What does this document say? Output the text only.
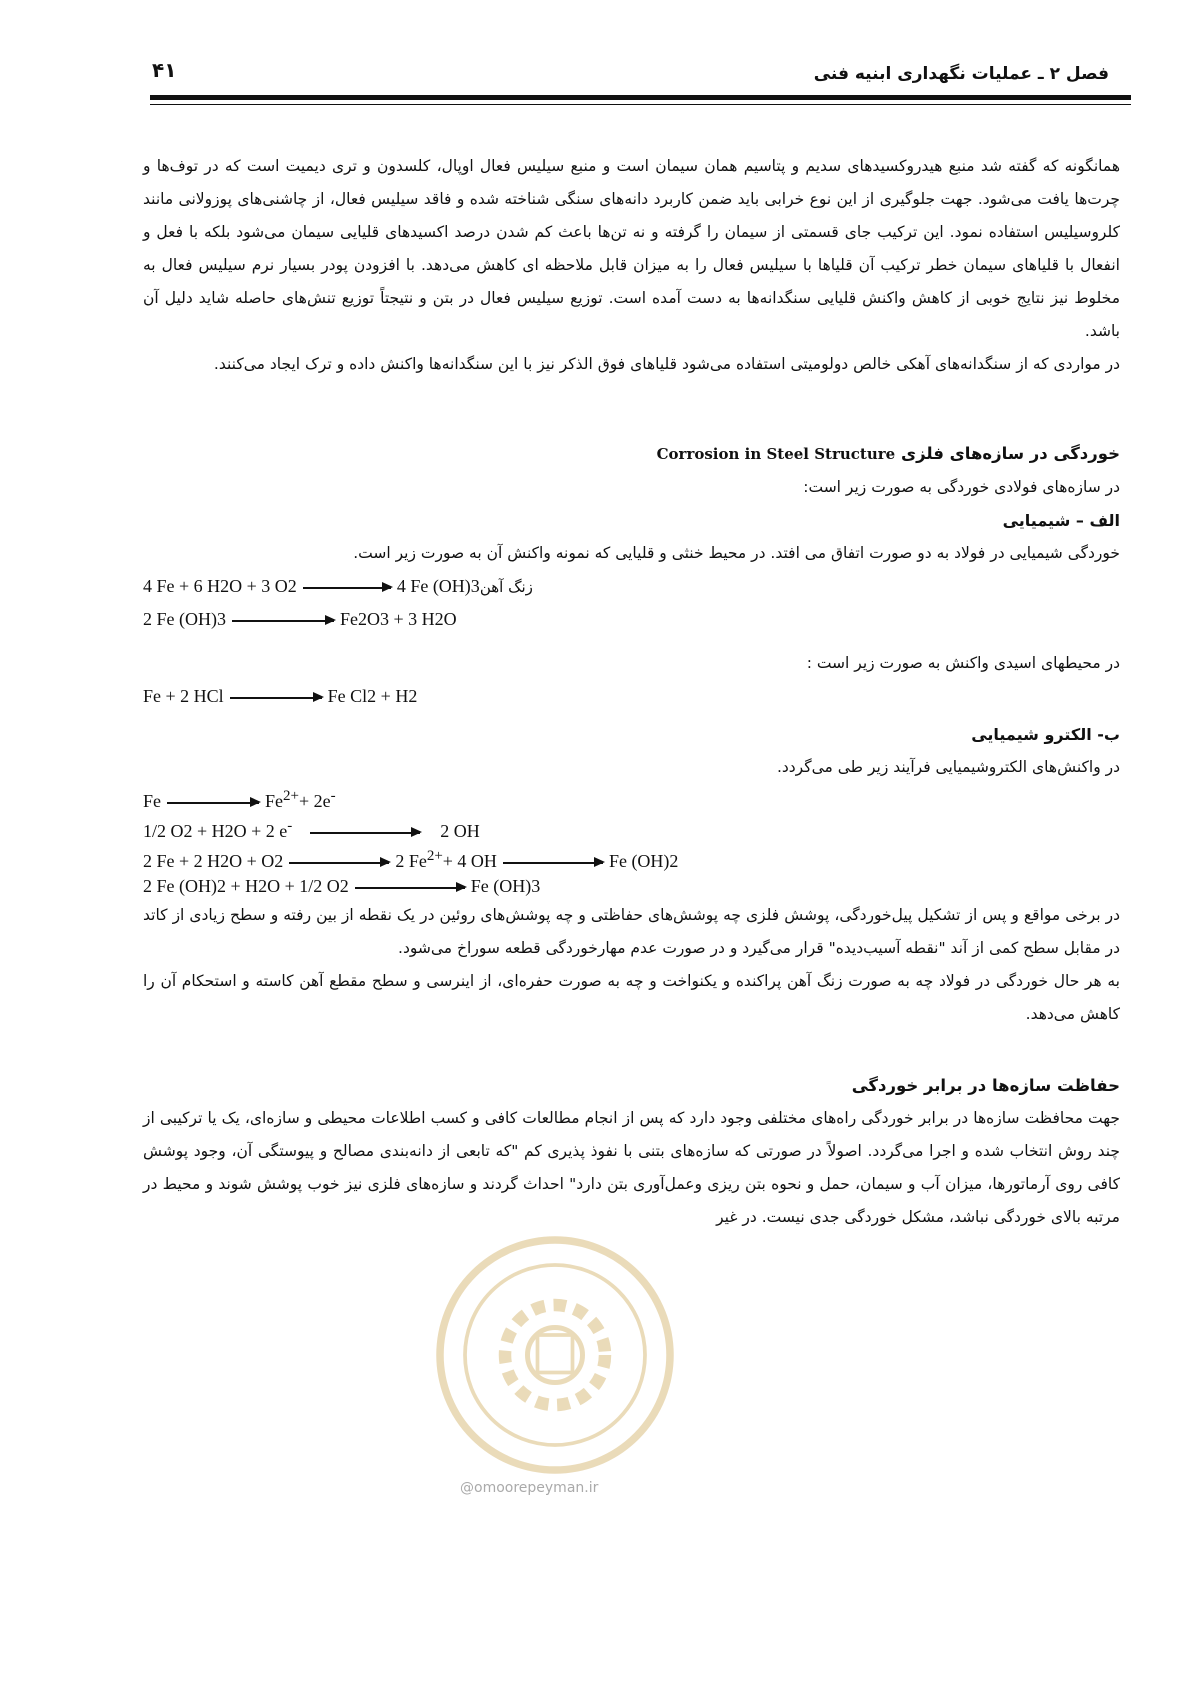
فصل ۲ ـ عملیات نگهداری ابنیه فنی
۴۱

همانگونه که گفته شد منبع هیدروکسیدهای سدیم و پتاسیم همان سیمان است و منبع سیلیس فعال اوپال، کلسدون و تری دیمیت است که در توف‌ها و چرت‌ها یافت می‌شود. جهت جلوگیری از این نوع خرابی باید ضمن کاربرد دانه‌های سنگی شناخته شده و فاقد سیلیس فعال، از چاشنی‌های پوزولانی مانند کلروسیلیس استفاده نمود. این ترکیب جای قسمتی از سیمان را گرفته و نه تن‌ها باعث کم شدن درصد اکسیدهای قلیایی سیمان می‌شود بلکه با فعل و انفعال با قلیاهای سیمان خطر ترکیب آن قلیاها با سیلیس فعال را به میزان قابل ملاحظه ای کاهش می‌دهد. با افزودن پودر بسیار نرم سیلیس فعال به مخلوط نیز نتایج خوبی از کاهش واکنش قلیایی سنگدانه‌ها به دست آمده است. توزیع سیلیس فعال در بتن و نتیجتاً توزیع تنش‌های حاصله شاید دلیل آن باشد.

در مواردی که از سنگدانه‌های آهکی خالص دولومیتی استفاده می‌شود قلیاهای فوق الذکر نیز با این سنگدانه‌ها واکنش داده و ترک ایجاد می‌کنند.

خوردگی در سازه‌های فلزی Corrosion in Steel Structure

در سازه‌های فولادی خوردگی به صورت زیر است:

الف – شیمیایی

خوردگی شیمیایی در فولاد به دو صورت اتفاق می افتد. در محیط خنثی و قلیایی که نمونه واکنش آن به صورت زیر است.

4 Fe + 6 H2O + 3 O2	4 Fe (OH)3زنگ آهن
2 Fe (OH)3	Fe2O3 + 3 H2O

در محیطهای اسیدی واکنش به صورت زیر است :

Fe + 2 HCl	Fe Cl2 + H2
ب- الکترو شیمیایی

در واکنش‌های الکتروشیمیایی فرآیند زیر طی می‌گردد.

Fe	$Fe^{2+}+ 2e^-$
1/2 O2 + H2O + 2 e-	2 OH
2 Fe + 2 H2O + O2	2 $Fe^{2+}+ 4$ OH	Fe (OH)2
2 Fe (OH)2 + H2O + 1/2 O2	Fe (OH)3

در برخی مواقع و پس از تشکیل پیل‌خوردگی، پوشش فلزی چه پوشش‌های حفاظتی و چه پوشش‌های روئین در یک نقطه از بین رفته و سطح زیادی از کاتد در مقابل سطح کمی از آند "نقطه آسیب‌دیده" قرار می‌گیرد و در صورت عدم مهارخوردگی قطعه سوراخ می‌شود.

به هر حال خوردگی در فولاد چه به صورت زنگ آهن پراکنده و یکنواخت و چه به صورت حفره‌ای، از اینرسی و سطح مقطع آهن کاسته و استحکام آن را کاهش می‌دهد.

حفاظت سازه‌ها در برابر خوردگی

جهت محافظت سازه‌ها در برابر خوردگی راه‌های مختلفی وجود دارد که پس از انجام مطالعات کافی و کسب اطلاعات محیطی و سازه‌ای، یک یا ترکیبی از چند روش انتخاب شده و اجرا می‌گردد. اصولاً در صورتی که سازه‌های بتنی با نفوذ پذیری کم "که تابعی از دانه‌بندی مصالح و پیوستگی آن، وجود پوشش کافی روی آرماتورها، میزان آب و سیمان، حمل و نحوه بتن ریزی وعمل‌آوری بتن دارد" احداث گردند و سازه‌های فلزی نیز خوب پوشش شوند و محیط در مرتبه بالای خوردگی نباشد، مشکل خوردگی جدی نیست. در غیر

@omoorepeyman.ir
